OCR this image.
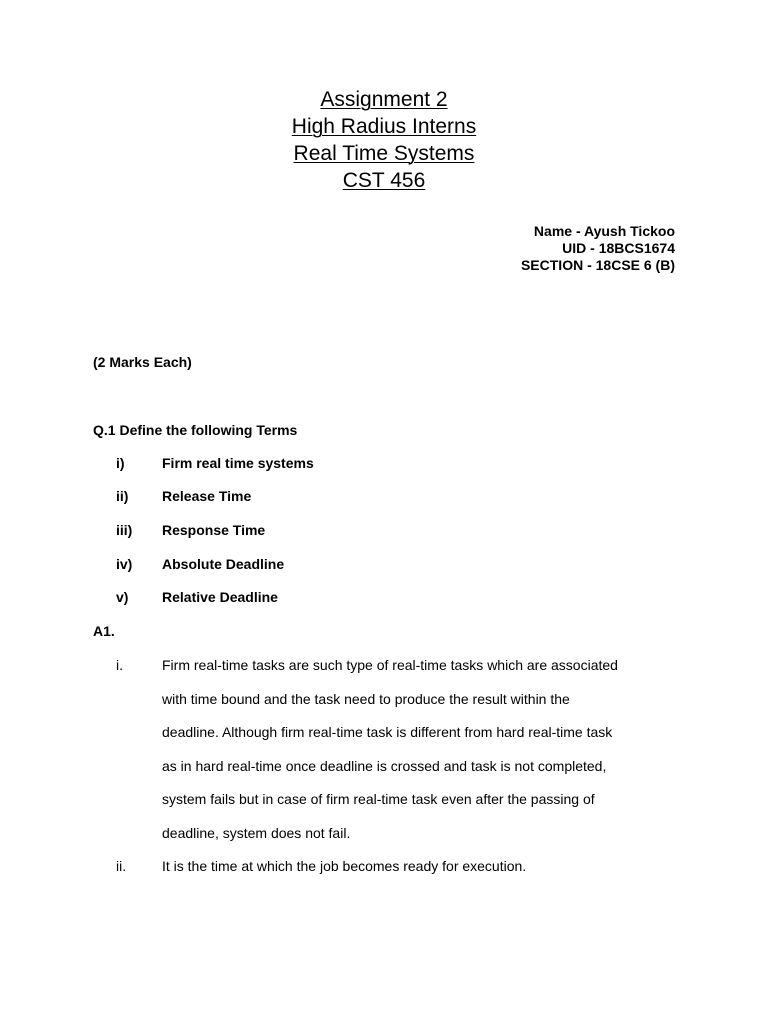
Assignment 2
High Radius Interns
Real Time Systems
CST 456
Name - Ayush Tickoo
UID - 18BCS1674
SECTION - 18CSE 6 (B)
(2 Marks Each)
Q.1 Define the following Terms
i)	Firm real time systems
ii) Release Time
iii) Response Time
iv) Absolute Deadline
v) Relative Deadline
A1.
i.	Firm real-time tasks are such type of real-time tasks which are associated
with time bound and the task need to produce the result within the
deadline. Although firm real-time task is different from hard real-time task
as in hard real-time once deadline is crossed and task is not completed,
system fails but in case of firm real-time task even after the passing of
deadline, system does not fail.
ii.	It is the time at which the job becomes ready for execution.
